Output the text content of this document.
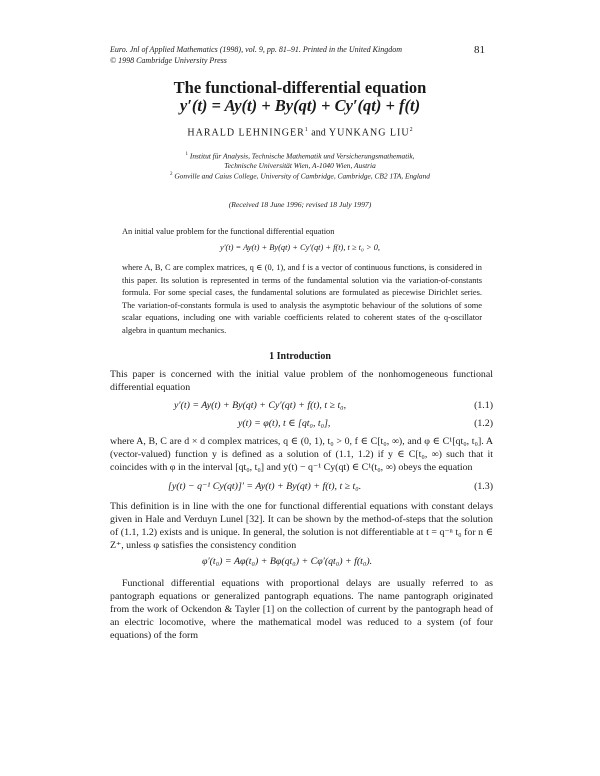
Euro. Jnl of Applied Mathematics (1998), vol. 9, pp. 81–91. Printed in the United Kingdom
© 1998 Cambridge University Press
81
The functional-differential equation
y′(t) = Ay(t) + By(qt) + Cy′(qt) + f(t)
HARALD LEHNINGER$^1$ and YUNKANG LIU$^2$
$^1$ Institut für Analysis, Technische Mathematik und Versicherungsmathematik,
Technische Universität Wien, A-1040 Wien, Austria
$^2$ Gonville and Caius College, University of Cambridge, Cambridge, CB2 1TA, England
(Received 18 June 1996; revised 18 July 1997)
An initial value problem for the functional differential equation
y′(t) = Ay(t) + By(qt) + Cy′(qt) + f(t), t ≥ t₀ > 0,
where A, B, C are complex matrices, q ∈ (0, 1), and f is a vector of continuous functions, is considered in this paper. Its solution is represented in terms of the fundamental solution via the variation-of-constants formula. For some special cases, the fundamental solutions are formulated as piecewise Dirichlet series. The variation-of-constants formula is used to analysis the asymptotic behaviour of the solutions of some scalar equations, including one with variable coefficients related to coherent states of the q-oscillator algebra in quantum mechanics.
1 Introduction
This paper is concerned with the initial value problem of the nonhomogeneous functional differential equation
y′(t) = Ay(t) + By(qt) + Cy′(qt) + f(t), t ≥ t₀,	(1.1)
y(t) = φ(t), t ∈ [qt₀, t₀],	(1.2)
where A, B, C are d × d complex matrices, q ∈ (0, 1), t₀ > 0, f ∈ C[t₀, ∞), and φ ∈ C¹[qt₀, t₀]. A (vector-valued) function y is defined as a solution of (1.1, 1.2) if y ∈ C[t₀, ∞) such that it coincides with φ in the interval [qt₀, t₀] and y(t) − q⁻¹ Cy(qt) ∈ C¹(t₀, ∞) obeys the equation
[y(t) − q⁻¹ Cy(qt)]′ = Ay(t) + By(qt) + f(t), t ≥ t₀.	(1.3)
This definition is in line with the one for functional differential equations with constant delays given in Hale and Verduyn Lunel [32]. It can be shown by the method-of-steps that the solution of (1.1, 1.2) exists and is unique. In general, the solution is not differentiable at t = q⁻ⁿ t₀ for n ∈ Z⁺, unless φ satisfies the consistency condition
φ′(t₀) = Aφ(t₀) + Bφ(qt₀) + Cφ′(qt₀) + f(t₀).
Functional differential equations with proportional delays are usually referred to as pantograph equations or generalized pantograph equations. The name pantograph originated from the work of Ockendon & Tayler [1] on the collection of current by the pantograph head of an electric locomotive, where the mathematical model was reduced to a system (of four equations) of the form
